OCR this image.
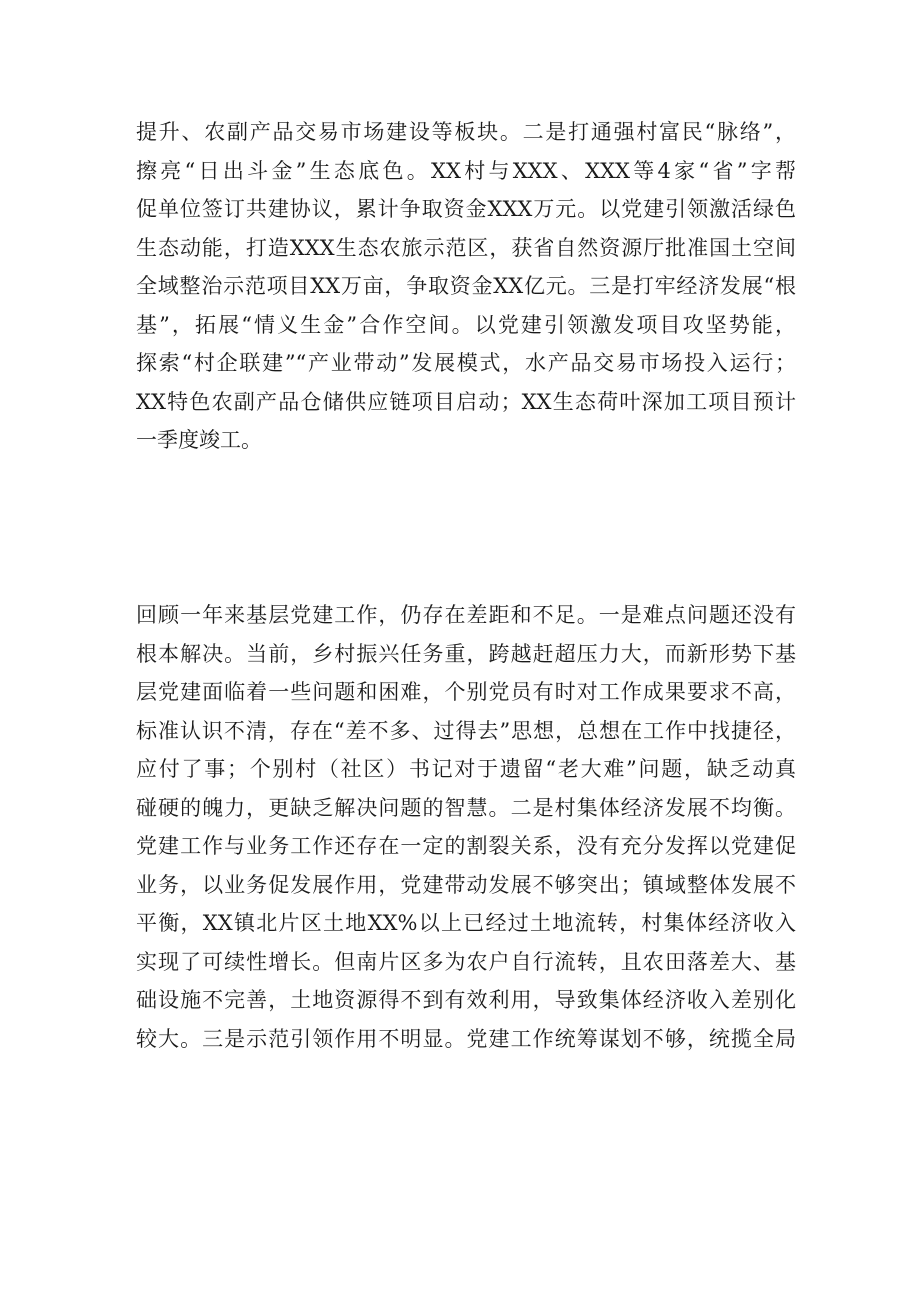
提升、农副产品交易市场建设等板块。二是打通强村富民“脉络”，
擦亮“日出斗金”生态底色。XX村与XXX、XXX等4家“省”字帮
促单位签订共建协议，累计争取资金XXX万元。以党建引领激活绿色
生态动能，打造XXX生态农旅示范区，获省自然资源厅批准国土空间
全域整治示范项目XX万亩，争取资金XX亿元。三是打牢经济发展“根
基”，拓展“情义生金”合作空间。以党建引领激发项目攻坚势能，
探索“村企联建”“产业带动”发展模式，水产品交易市场投入运行；
XX特色农副产品仓储供应链项目启动；XX生态荷叶深加工项目预计
一季度竣工。
回顾一年来基层党建工作，仍存在差距和不足。一是难点问题还没有
根本解决。当前，乡村振兴任务重，跨越赶超压力大，而新形势下基
层党建面临着一些问题和困难，个别党员有时对工作成果要求不高，
标准认识不清，存在“差不多、过得去”思想，总想在工作中找捷径，
应付了事；个别村（社区）书记对于遗留“老大难”问题，缺乏动真
碰硬的魄力，更缺乏解决问题的智慧。二是村集体经济发展不均衡。
党建工作与业务工作还存在一定的割裂关系，没有充分发挥以党建促
业务，以业务促发展作用，党建带动发展不够突出；镇域整体发展不
平衡，XX镇北片区土地XX%以上已经过土地流转，村集体经济收入
实现了可续性增长。但南片区多为农户自行流转，且农田落差大、基
础设施不完善，土地资源得不到有效利用，导致集体经济收入差别化
较大。三是示范引领作用不明显。党建工作统筹谋划不够，统揽全局
